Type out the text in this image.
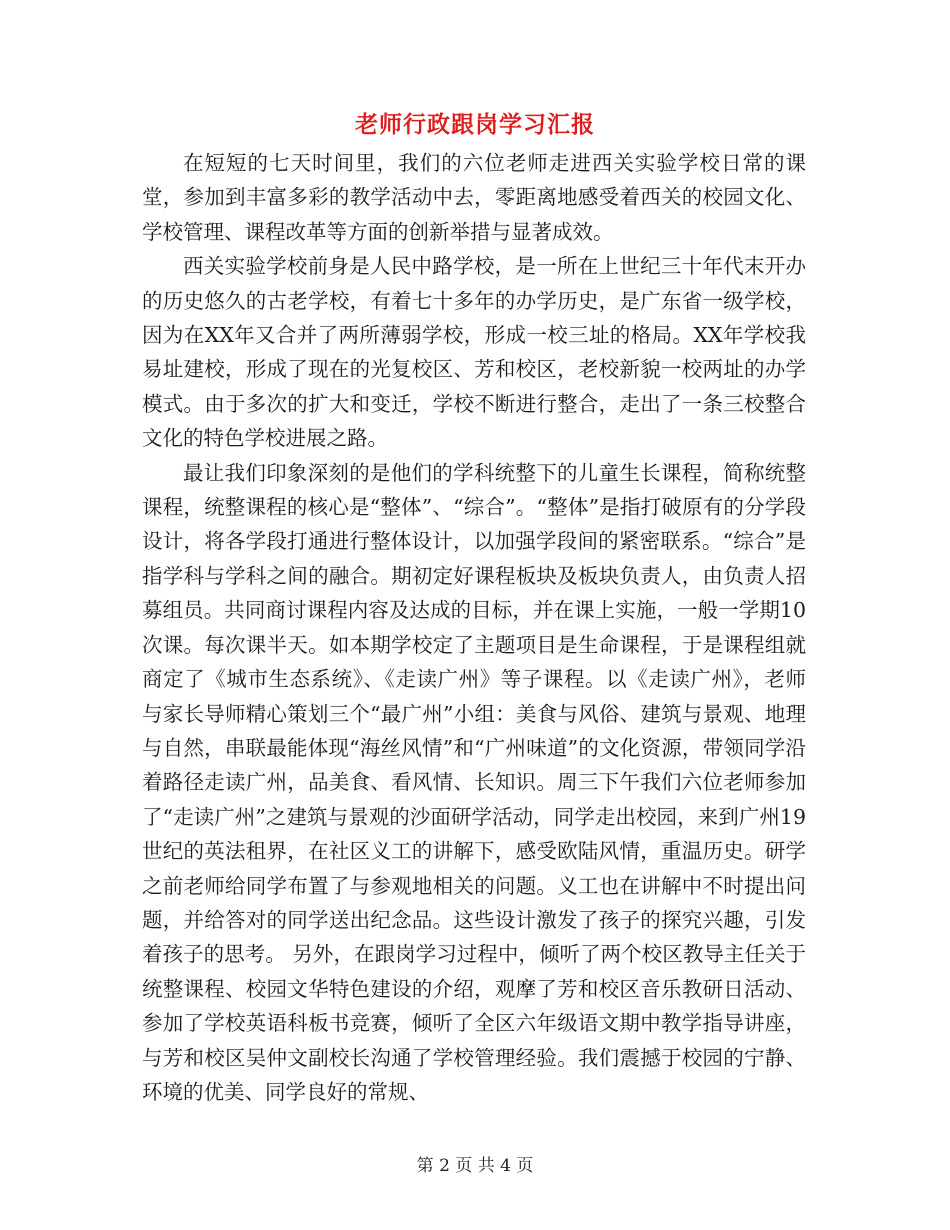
老师行政跟岗学习汇报

在短短的七天时间里，我们的六位老师走进西关实验学校日常的课堂，参加到丰富多彩的教学活动中去，零距离地感受着西关的校园文化、学校管理、课程改革等方面的创新举措与显著成效。

西关实验学校前身是人民中路学校，是一所在上世纪三十年代末开办的历史悠久的古老学校，有着七十多年的办学历史，是广东省一级学校，因为在XX年又合并了两所薄弱学校，形成一校三址的格局。XX年学校我易址建校，形成了现在的光复校区、芳和校区，老校新貌一校两址的办学模式。由于多次的扩大和变迁，学校不断进行整合，走出了一条三校整合文化的特色学校进展之路。

最让我们印象深刻的是他们的学科统整下的儿童生长课程，简称统整课程，统整课程的核心是“整体”、“综合”。“整体”是指打破原有的分学段设计，将各学段打通进行整体设计，以加强学段间的紧密联系。“综合”是指学科与学科之间的融合。期初定好课程板块及板块负责人，由负责人招募组员。共同商讨课程内容及达成的目标，并在课上实施，一般一学期10次课。每次课半天。如本期学校定了主题项目是生命课程，于是课程组就商定了《城市生态系统》、《走读广州》等子课程。以《走读广州》，老师与家长导师精心策划三个“最广州”小组：美食与风俗、建筑与景观、地理与自然，串联最能体现“海丝风情”和“广州味道”的文化资源，带领同学沿着路径走读广州，品美食、看风情、长知识。周三下午我们六位老师参加了“走读广州”之建筑与景观的沙面研学活动，同学走出校园，来到广州19世纪的英法租界，在社区义工的讲解下，感受欧陆风情，重温历史。研学之前老师给同学布置了与参观地相关的问题。义工也在讲解中不时提出问题，并给答对的同学送出纪念品。这些设计激发了孩子的探究兴趣，引发着孩子的思考。 另外，在跟岗学习过程中，倾听了两个校区教导主任关于统整课程、校园文华特色建设的介绍，观摩了芳和校区音乐教研日活动、参加了学校英语科板书竞赛，倾听了全区六年级语文期中教学指导讲座，与芳和校区吴仲文副校长沟通了学校管理经验。我们震撼于校园的宁静、环境的优美、同学良好的常规、

第 2 页 共 4 页
